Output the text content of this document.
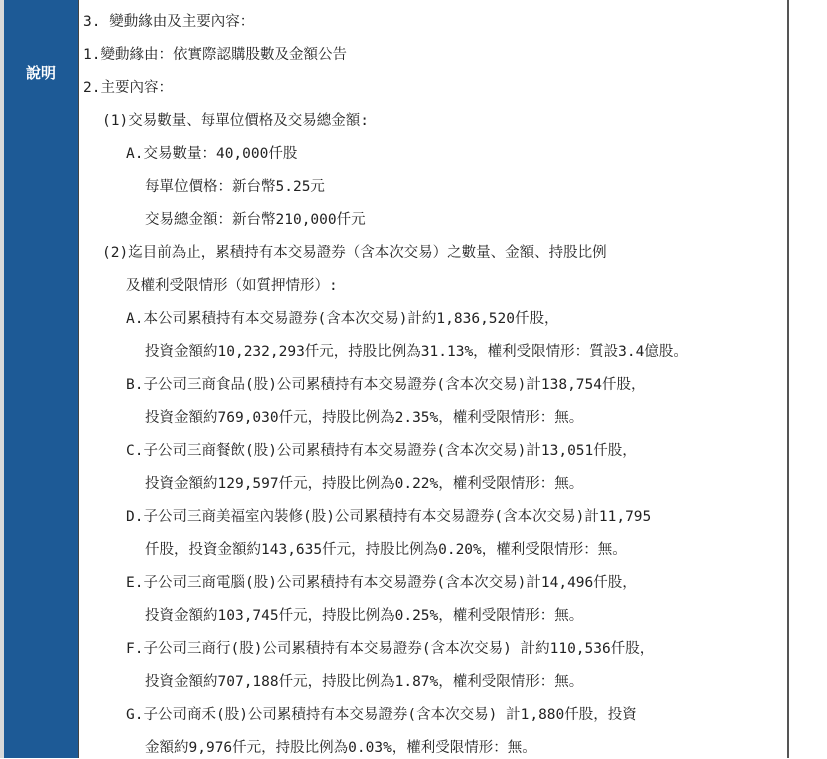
說明
3. 變動緣由及主要內容：
1.變動緣由：依實際認購股數及金額公告
2.主要內容：
(1)交易數量、每單位價格及交易總金額:
A.交易數量：40,000仟股
每單位價格：新台幣5.25元
交易總金額：新台幣210,000仟元
(2)迄目前為止，累積持有本交易證券（含本次交易）之數量、金額、持股比例
及權利受限情形（如質押情形）:
A.本公司累積持有本交易證券(含本次交易)計約1,836,520仟股，
投資金額約10,232,293仟元，持股比例為31.13%，權利受限情形：質設3.4億股。
B.子公司三商食品(股)公司累積持有本交易證券(含本次交易)計138,754仟股，
投資金額約769,030仟元，持股比例為2.35%，權利受限情形：無。
C.子公司三商餐飲(股)公司累積持有本交易證券(含本次交易)計13,051仟股，
投資金額約129,597仟元，持股比例為0.22%，權利受限情形：無。
D.子公司三商美福室內裝修(股)公司累積持有本交易證券(含本次交易)計11,795
仟股，投資金額約143,635仟元，持股比例為0.20%，權利受限情形：無。
E.子公司三商電腦(股)公司累積持有本交易證券(含本次交易)計14,496仟股，
投資金額約103,745仟元，持股比例為0.25%，權利受限情形：無。
F.子公司三商行(股)公司累積持有本交易證券(含本次交易) 計約110,536仟股，
投資金額約707,188仟元，持股比例為1.87%，權利受限情形：無。
G.子公司商禾(股)公司累積持有本交易證券(含本次交易) 計1,880仟股，投資
金額約9,976仟元，持股比例為0.03%，權利受限情形：無。
